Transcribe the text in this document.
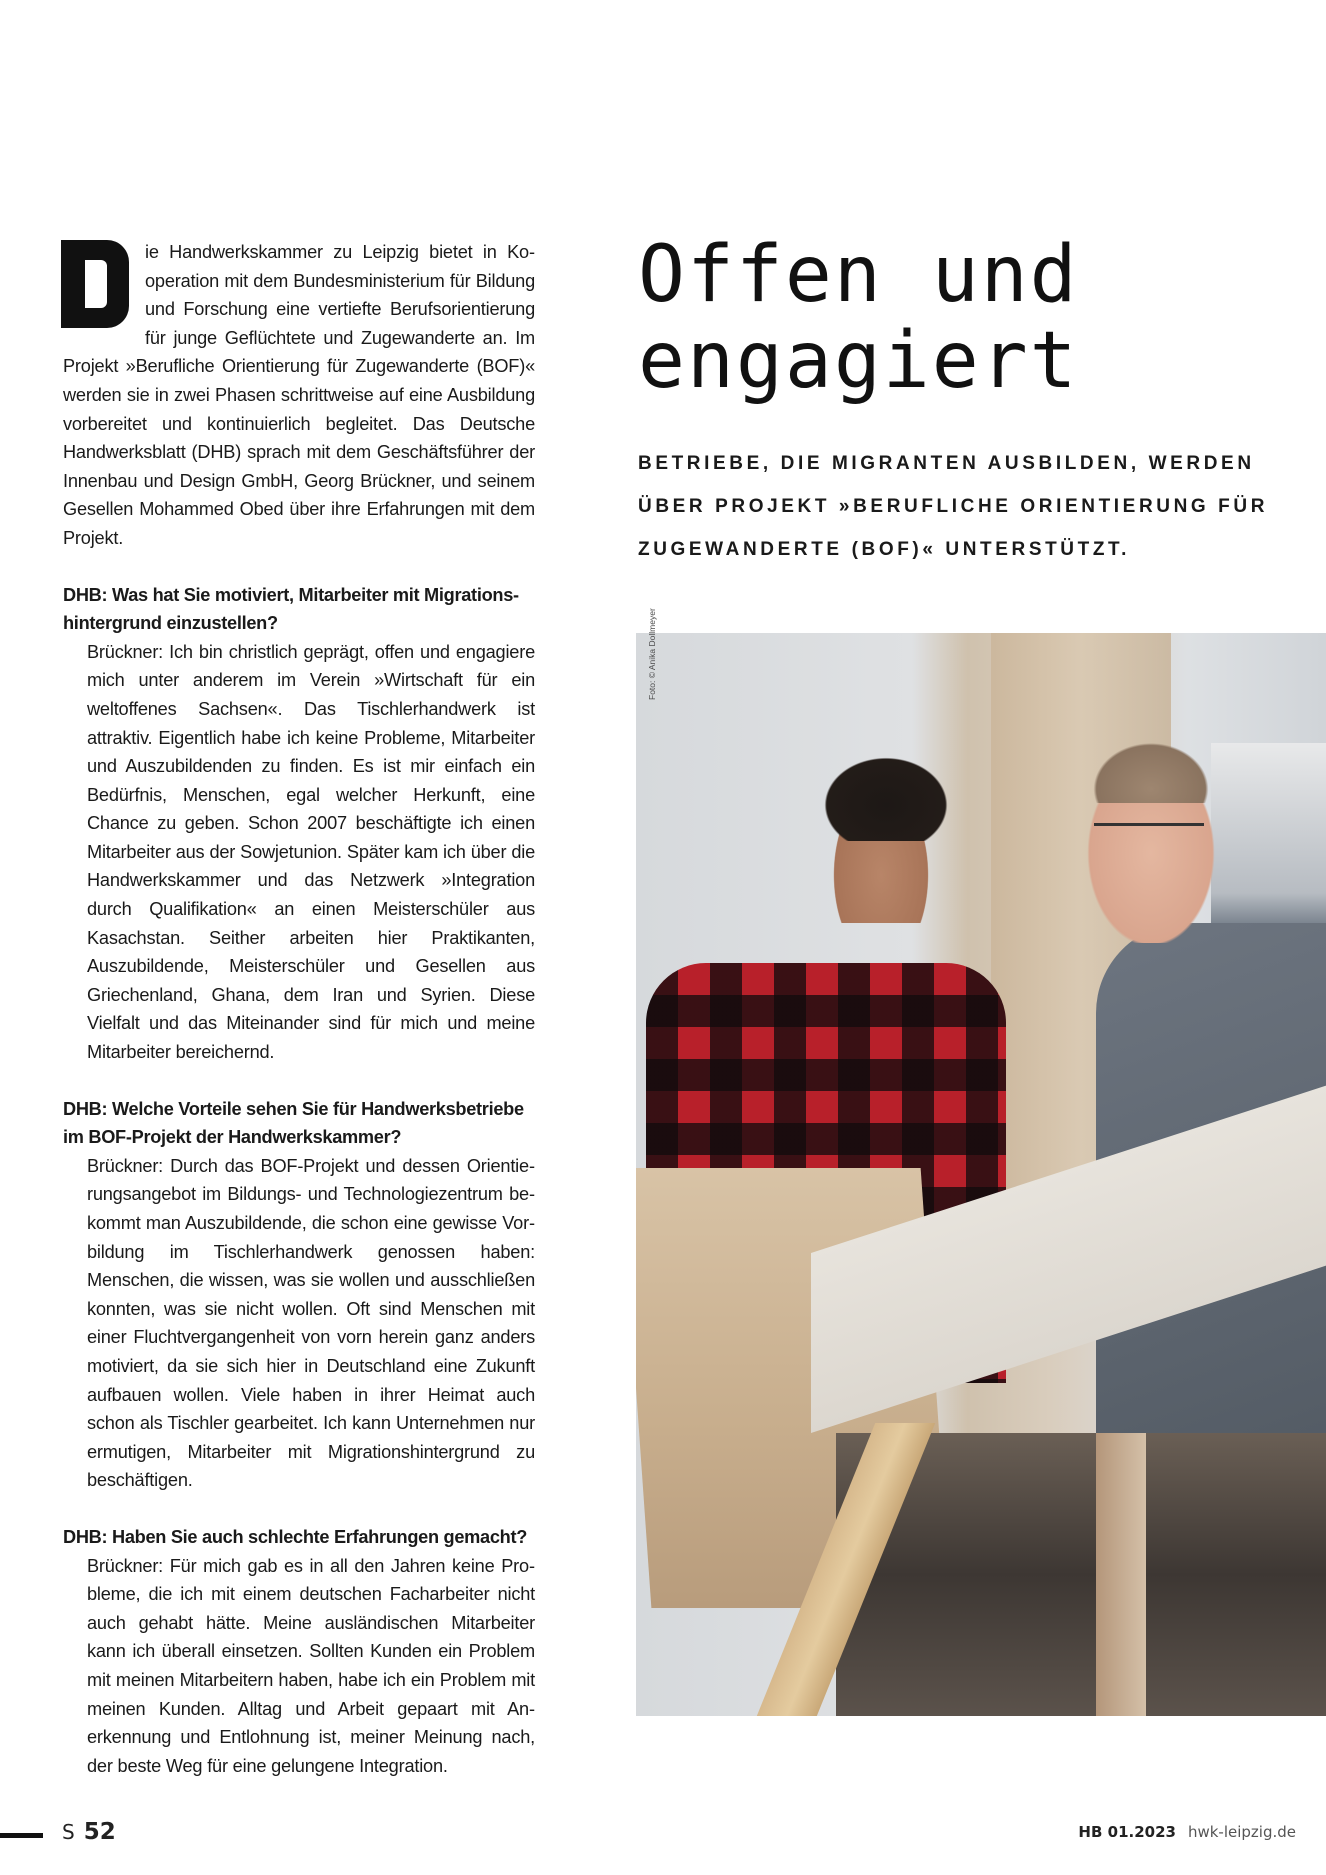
ie Handwerkskammer zu Leipzig bietet in Kooperation mit dem Bundesministerium für Bildung und Forschung eine vertiefte Berufsorientierung für junge Geflüchtete und Zugewanderte an. Im Projekt »Berufliche Orientierung für Zugewanderte (BOF)« werden sie in zwei Phasen schrittweise auf eine Ausbildung vorbereitet und kontinuierlich begleitet. Das Deutsche Handwerksblatt (DHB) sprach mit dem Geschäftsführer der Innenbau und Design GmbH, Georg Brückner, und seinem Gesellen Mohammed Obed über ihre Erfahrungen mit dem Projekt.

DHB: Was hat Sie motiviert, Mitarbeiter mit Migrationshintergrund einzustellen?

Brückner: Ich bin christlich geprägt, offen und engagiere mich unter anderem im Verein »Wirtschaft für ein weltoffenes Sachsen«. Das Tischlerhandwerk ist attraktiv. Eigentlich habe ich keine Probleme, Mitarbeiter und Auszubildenden zu finden. Es ist mir einfach ein Bedürfnis, Menschen, egal welcher Herkunft, eine Chance zu geben. Schon 2007 beschäftigte ich einen Mitarbeiter aus der Sowjetunion. Später kam ich über die Handwerkskammer und das Netzwerk »Integration durch Qualifikation« an einen Meisterschüler aus Kasachstan. Seither arbeiten hier Praktikanten, Auszubildende, Meisterschüler und Gesellen aus Griechenland, Ghana, dem Iran und Syrien. Diese Vielfalt und das Miteinander sind für mich und meine Mitarbeiter bereichernd.

DHB: Welche Vorteile sehen Sie für Handwerksbetriebe im BOF-Projekt der Handwerkskammer?

Brückner: Durch das BOF-Projekt und dessen Orientierungsangebot im Bildungs- und Technologiezentrum bekommt man Auszubildende, die schon eine gewisse Vorbildung im Tischlerhandwerk genossen haben: Menschen, die wissen, was sie wollen und ausschließen konnten, was sie nicht wollen. Oft sind Menschen mit einer Fluchtvergangenheit von vorn herein ganz anders motiviert, da sie sich hier in Deutschland eine Zukunft aufbauen wollen. Viele haben in ihrer Heimat auch schon als Tischler gearbeitet. Ich kann Unternehmen nur ermutigen, Mitarbeiter mit Migrationshintergrund zu beschäftigen.

DHB: Haben Sie auch schlechte Erfahrungen gemacht?

Brückner: Für mich gab es in all den Jahren keine Probleme, die ich mit einem deutschen Facharbeiter nicht auch gehabt hätte. Meine ausländischen Mitarbeiter kann ich überall einsetzen. Sollten Kunden ein Problem mit meinen Mitarbeitern haben, habe ich ein Problem mit meinen Kunden. Alltag und Arbeit gepaart mit Anerkennung und Entlohnung ist, meiner Meinung nach, der beste Weg für eine gelungene Integration.

Offen und
engagiert

BETRIEBE, DIE MIGRANTEN AUSBILDEN, WERDEN ÜBER PROJEKT »BERUFLICHE ORIENTIERUNG FÜR ZUGEWANDERTE (BOF)« UNTERSTÜTZT.

Foto: © Anika Dollmeyer
S 52	HB 01.2023 hwk-leipzig.de
